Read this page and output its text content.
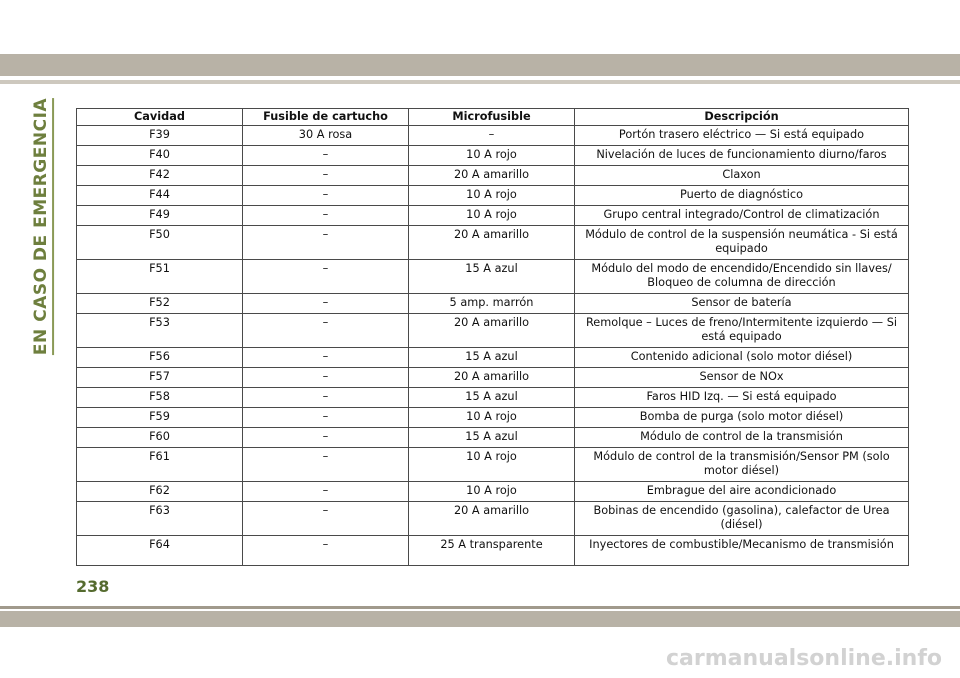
EN CASO DE EMERGENCIA	Cavidad	Fusible de cartucho	Microfusible	Descripción
F39	30 A rosa	–	Portón trasero eléctrico — Si está equipado
F40	–	10 A rojo	Nivelación de luces de funcionamiento diurno/faros
F42	–	20 A amarillo	Claxon
F44	–	10 A rojo	Puerto de diagnóstico
F49	–	10 A rojo	Grupo central integrado/Control de climatización
F50	–	20 A amarillo	Módulo de control de la suspensión neumática - Si está equipado
F51	–	15 A azul	Módulo del modo de encendido/Encendido sin llaves/ Bloqueo de columna de dirección
F52	–	5 amp. marrón	Sensor de batería
F53	–	20 A amarillo	Remolque – Luces de freno/Intermitente izquierdo — Si está equipado
F56	–	15 A azul	Contenido adicional (solo motor diésel)
F57	–	20 A amarillo	Sensor de NOx
F58	–	15 A azul	Faros HID Izq. — Si está equipado
F59	–	10 A rojo	Bomba de purga (solo motor diésel)
F60	–	15 A azul	Módulo de control de la transmisión
F61	–	10 A rojo	Módulo de control de la transmisión/Sensor PM (solo motor diésel)
F62	–	10 A rojo	Embrague del aire acondicionado
F63	–	20 A amarillo	Bobinas de encendido (gasolina), calefactor de Urea (diésel)
F64	–	25 A transparente	Inyectores de combustible/Mecanismo de transmisión
238
carmanualsonline.info
